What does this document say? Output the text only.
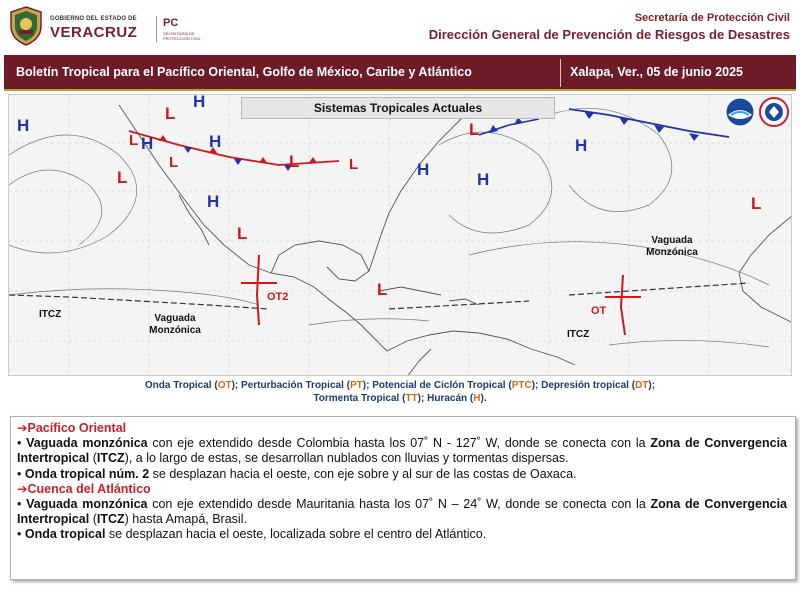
GOBIERNO DEL ESTADO DE
VERACRUZ
PC
SECRETARÍA DE PROTECCIÓN CIVIL
Secretaría de Protección Civil
Dirección General de Prevención de Riesgos de Desastres
Boletín Tropical para el Pacífico Oriental, Golfo de México, Caribe y Atlántico	Xalapa, Ver., 05 de junio 2025
H
H
H	H
H
H
H
H
L
L
L
L
L	L
L
L
L
L
Sistemas Tropicales Actuales
OT2
OT
ITCZ	Vaguada Monzónica	ITCZ
Vaguada Monzónica
Onda Tropical (OT); Perturbación Tropical (PT); Potencial de Ciclón Tropical (PTC); Depresión tropical (DT);
Tormenta Tropical (TT); Huracán (H).
➔Pacífico Oriental
• Vaguada monzónica con eje extendido desde Colombia hasta los 07˚ N - 127˚ W, donde se conecta con la Zona de Convergencia Intertropical (ITCZ), a lo largo de estas, se desarrollan nublados con lluvias y tormentas dispersas.
• Onda tropical núm. 2 se desplazan hacia el oeste, con eje sobre y al sur de las costas de Oaxaca.
➔Cuenca del Atlántico
• Vaguada monzónica con eje extendido desde Mauritania hasta los 07˚ N – 24˚ W, donde se conecta con la Zona de Convergencia Intertropical (ITCZ) hasta Amapá, Brasil.
• Onda tropical se desplazan hacia el oeste, localizada sobre el centro del Atlántico.
